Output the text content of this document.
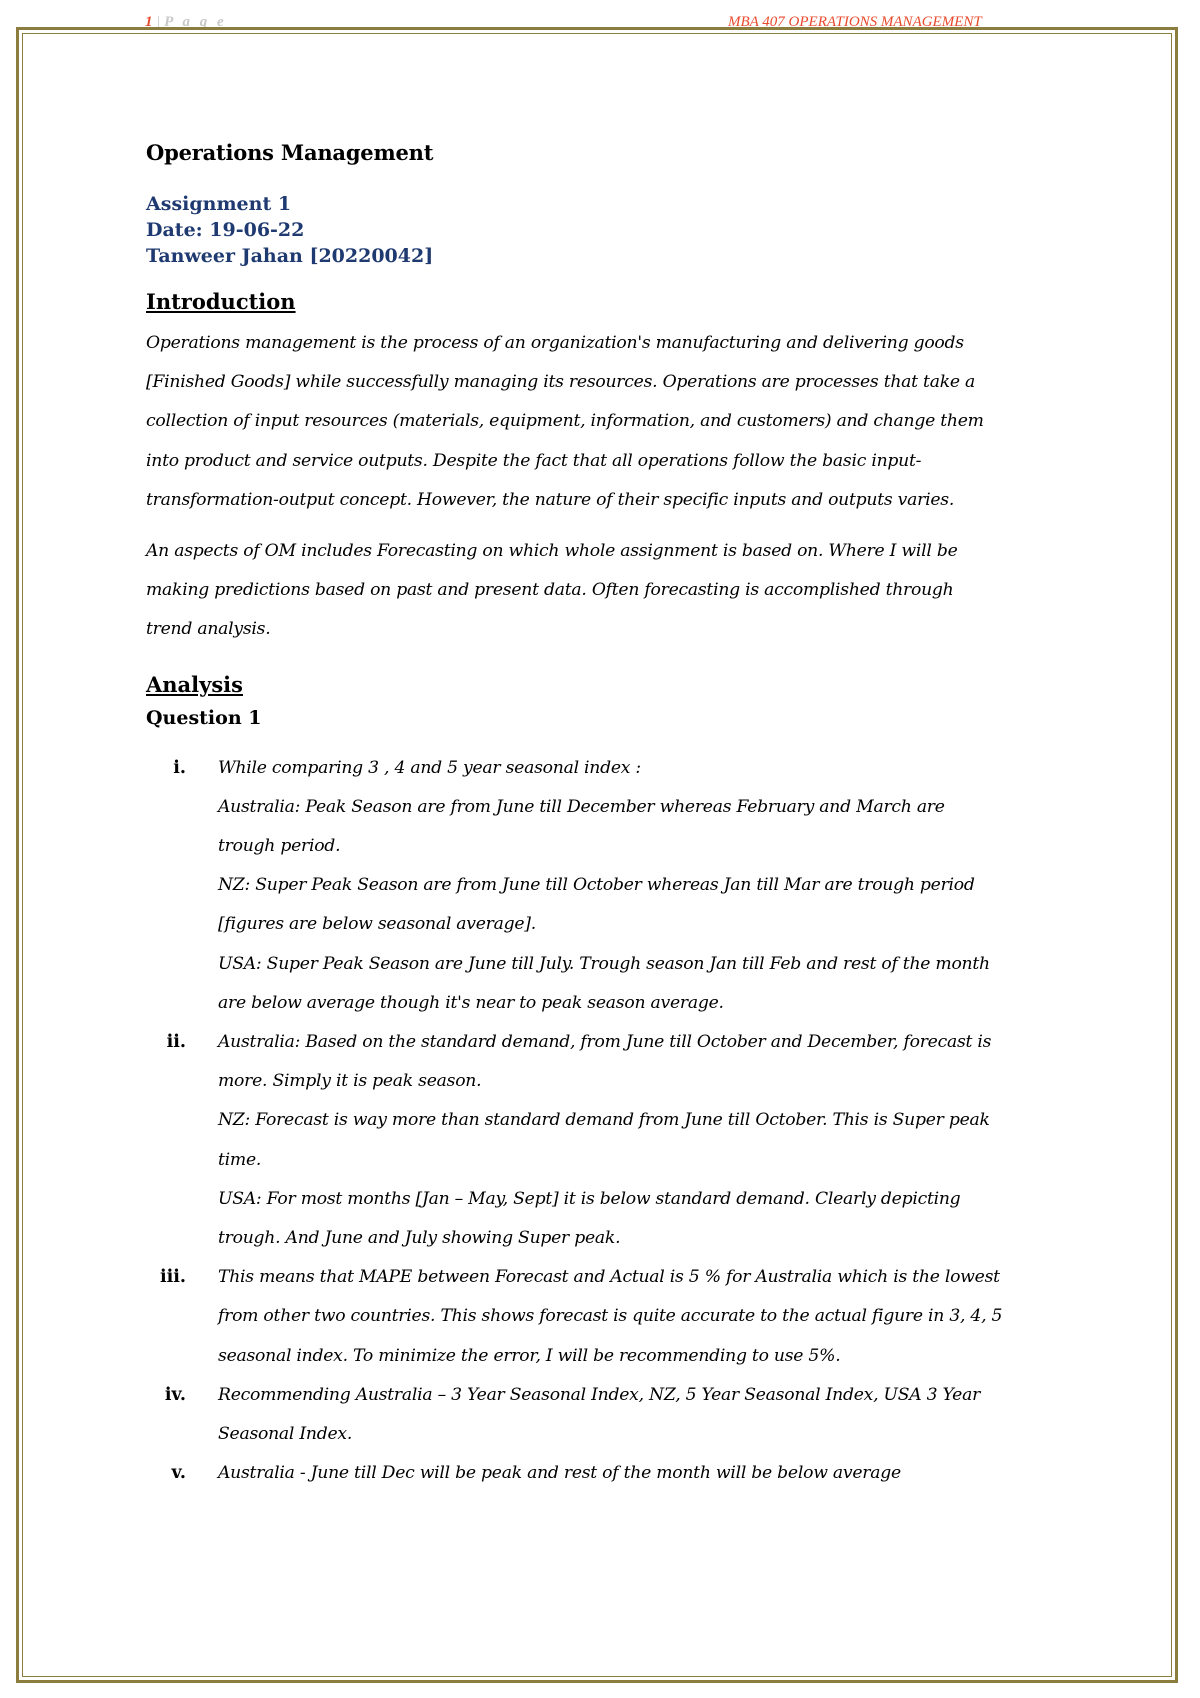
1 | P a g e	MBA 407 OPERATIONS MANAGEMENT
Operations Management
Assignment 1
Date: 19-06-22
Tanweer Jahan [20220042]
Introduction
Operations management is the process of an organization's manufacturing and delivering goods
[Finished Goods] while successfully managing its resources. Operations are processes that take a
collection of input resources (materials, equipment, information, and customers) and change them
into product and service outputs. Despite the fact that all operations follow the basic input-
transformation-output concept. However, the nature of their specific inputs and outputs varies.
An aspects of OM includes Forecasting on which whole assignment is based on. Where I will be
making predictions based on past and present data. Often forecasting is accomplished through
trend analysis.
Analysis
Question 1
i. While comparing 3 , 4 and 5 year seasonal index :
Australia: Peak Season are from June till December whereas February and March are
trough period.
NZ: Super Peak Season are from June till October whereas Jan till Mar are trough period
[figures are below seasonal average].
USA: Super Peak Season are June till July. Trough season Jan till Feb and rest of the month
are below average though it's near to peak season average.
ii. Australia: Based on the standard demand, from June till October and December, forecast is
more. Simply it is peak season.
NZ: Forecast is way more than standard demand from June till October. This is Super peak
time.
USA: For most months [Jan – May, Sept] it is below standard demand. Clearly depicting
trough. And June and July showing Super peak.
iii. This means that MAPE between Forecast and Actual is 5 % for Australia which is the lowest
from other two countries. This shows forecast is quite accurate to the actual figure in 3, 4, 5
seasonal index. To minimize the error, I will be recommending to use 5%.
iv. Recommending Australia – 3 Year Seasonal Index, NZ, 5 Year Seasonal Index, USA 3 Year
Seasonal Index.
v. Australia - June till Dec will be peak and rest of the month will be below average
